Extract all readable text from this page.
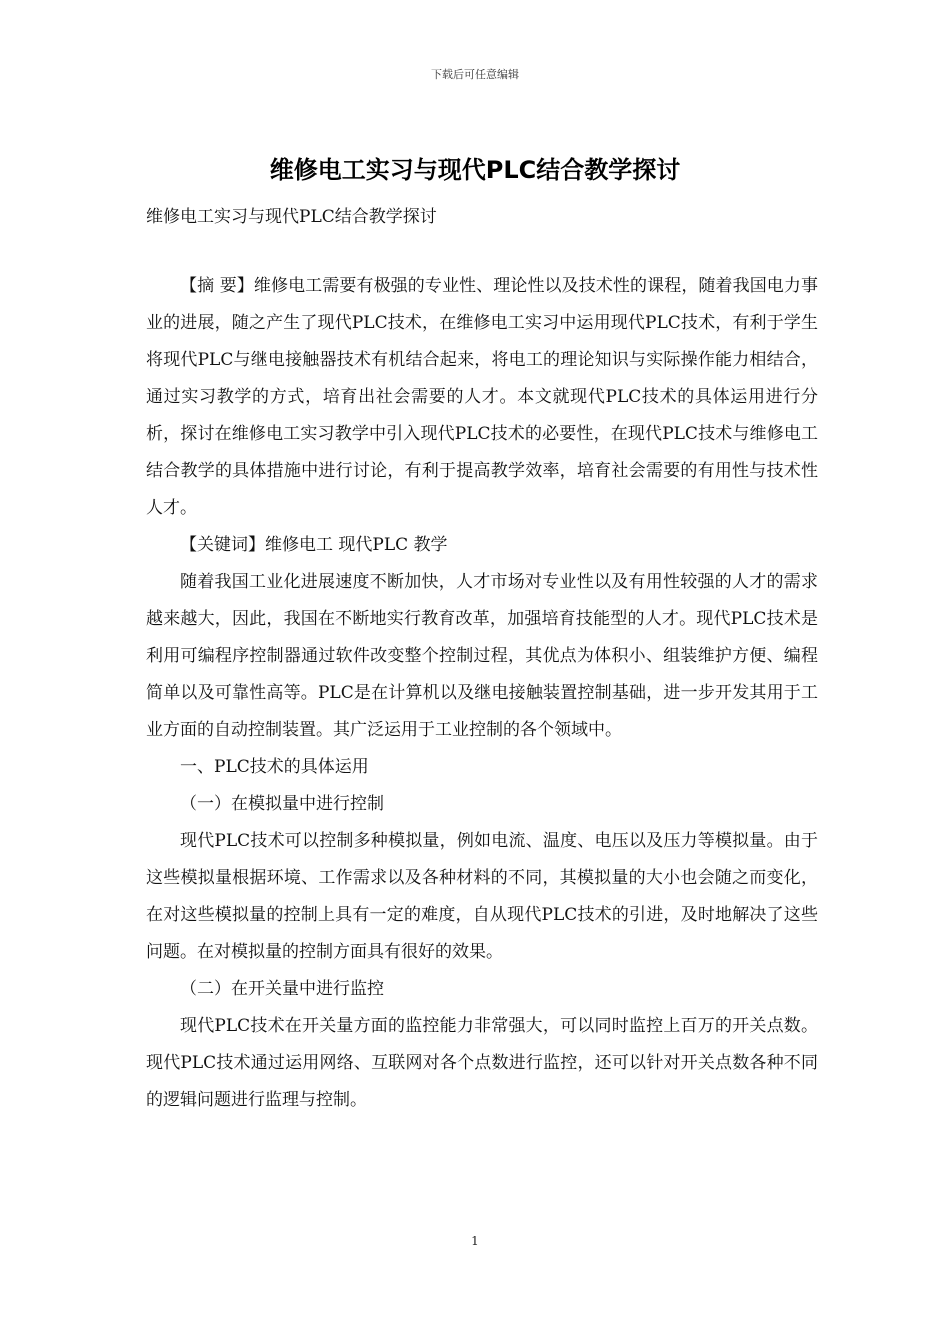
下载后可任意编辑
维修电工实习与现代PLC结合教学探讨

维修电工实习与现代PLC结合教学探讨

【摘 要】维修电工需要有极强的专业性、理论性以及技术性的课程，随着我国电力事业的进展，随之产生了现代PLC技术，在维修电工实习中运用现代PLC技术，有利于学生将现代PLC与继电接触器技术有机结合起来，将电工的理论知识与实际操作能力相结合，通过实习教学的方式，培育出社会需要的人才。本文就现代PLC技术的具体运用进行分析，探讨在维修电工实习教学中引入现代PLC技术的必要性，在现代PLC技术与维修电工结合教学的具体措施中进行讨论，有利于提高教学效率，培育社会需要的有用性与技术性人才。

【关键词】维修电工 现代PLC 教学

随着我国工业化进展速度不断加快，人才市场对专业性以及有用性较强的人才的需求越来越大，因此，我国在不断地实行教育改革，加强培育技能型的人才。现代PLC技术是利用可编程序控制器通过软件改变整个控制过程，其优点为体积小、组装维护方便、编程简单以及可靠性高等。PLC是在计算机以及继电接触装置控制基础，进一步开发其用于工业方面的自动控制装置。其广泛运用于工业控制的各个领域中。

一、PLC技术的具体运用

（一）在模拟量中进行控制

现代PLC技术可以控制多种模拟量，例如电流、温度、电压以及压力等模拟量。由于这些模拟量根据环境、工作需求以及各种材料的不同，其模拟量的大小也会随之而变化，在对这些模拟量的控制上具有一定的难度，自从现代PLC技术的引进，及时地解决了这些问题。在对模拟量的控制方面具有很好的效果。

（二）在开关量中进行监控

现代PLC技术在开关量方面的监控能力非常强大，可以同时监控上百万的开关点数。现代PLC技术通过运用网络、互联网对各个点数进行监控，还可以针对开关点数各种不同的逻辑问题进行监理与控制。

1
